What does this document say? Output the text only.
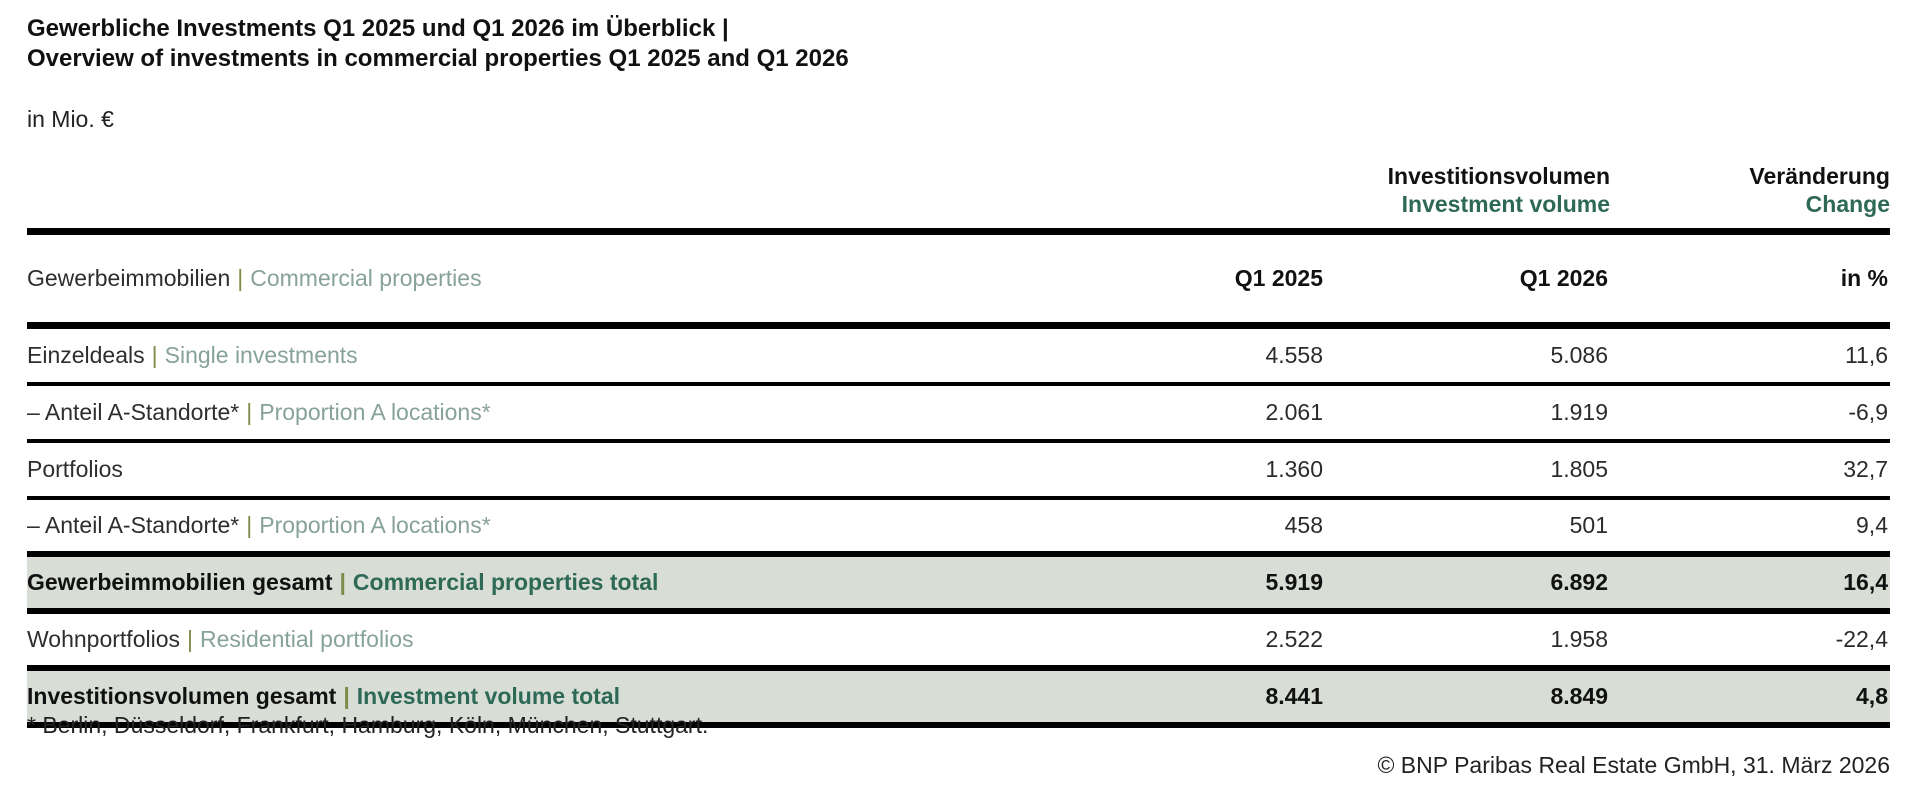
Gewerbliche Investments Q1 2025 und Q1 2026 im Überblick |
Overview of investments in commercial properties Q1 2025 and Q1 2026
in Mio. €

	Investitionsvolumen
Investment volume		Veränderung
Change

Gewerbeimmobilien | Commercial properties	Q1 2025	Q1 2026	in %
Einzeldeals | Single investments	4.558	5.086	11,6
– Anteil A-Standorte* | Proportion A locations*	2.061	1.919	-6,9
Portfolios	1.360	1.805	32,7
– Anteil A-Standorte* | Proportion A locations*	458	501	9,4
Gewerbeimmobilien gesamt | Commercial properties total	5.919	6.892	16,4
Wohnportfolios | Residential portfolios	2.522	1.958	-22,4
Investitionsvolumen gesamt | Investment volume total	8.441	8.849	4,8
* Berlin, Düsseldorf, Frankfurt, Hamburg, Köln, München, Stuttgart.
© BNP Paribas Real Estate GmbH, 31. März 2026
